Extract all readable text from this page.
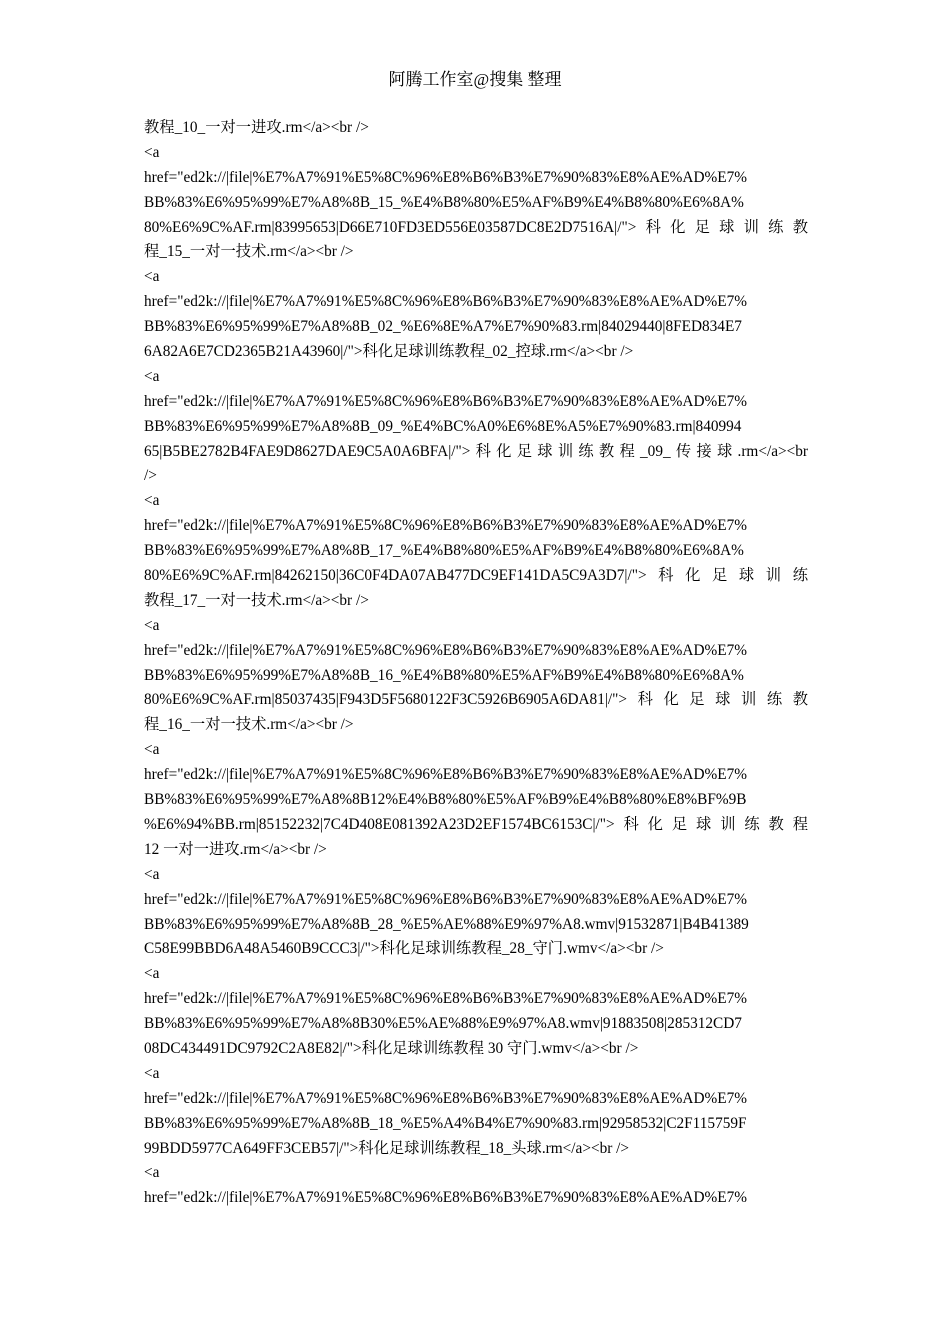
阿腾工作室@搜集 整理
教程_10_一对一进攻.rm</a><br />
<a
href="ed2k://|file|%E7%A7%91%E5%8C%96%E8%B6%B3%E7%90%83%E8%AE%AD%E7%
BB%83%E6%95%99%E7%A8%8B_15_%E4%B8%80%E5%AF%B9%E4%B8%80%E6%8A%
80%E6%9C%AF.rm|83995653|D66E710FD3ED556E03587DC8E2D7516A|/">科化足球训练教
程_15_一对一技术.rm</a><br />
<a
href="ed2k://|file|%E7%A7%91%E5%8C%96%E8%B6%B3%E7%90%83%E8%AE%AD%E7%
BB%83%E6%95%99%E7%A8%8B_02_%E6%8E%A7%E7%90%83.rm|84029440|8FED834E7
6A82A6E7CD2365B21A43960|/">科化足球训练教程_02_控球.rm</a><br />
<a
href="ed2k://|file|%E7%A7%91%E5%8C%96%E8%B6%B3%E7%90%83%E8%AE%AD%E7%
BB%83%E6%95%99%E7%A8%8B_09_%E4%BC%A0%E6%8E%A5%E7%90%83.rm|840994
65|B5BE2782B4FAE9D8627DAE9C5A0A6BFA|/">科化足球训练教程_09_传接球.rm</a><br
/>
<a
href="ed2k://|file|%E7%A7%91%E5%8C%96%E8%B6%B3%E7%90%83%E8%AE%AD%E7%
BB%83%E6%95%99%E7%A8%8B_17_%E4%B8%80%E5%AF%B9%E4%B8%80%E6%8A%
80%E6%9C%AF.rm|84262150|36C0F4DA07AB477DC9EF141DA5C9A3D7|/">科化足球训练
教程_17_一对一技术.rm</a><br />
<a
href="ed2k://|file|%E7%A7%91%E5%8C%96%E8%B6%B3%E7%90%83%E8%AE%AD%E7%
BB%83%E6%95%99%E7%A8%8B_16_%E4%B8%80%E5%AF%B9%E4%B8%80%E6%8A%
80%E6%9C%AF.rm|85037435|F943D5F5680122F3C5926B6905A6DA81|/">科化足球训练教
程_16_一对一技术.rm</a><br />
<a
href="ed2k://|file|%E7%A7%91%E5%8C%96%E8%B6%B3%E7%90%83%E8%AE%AD%E7%
BB%83%E6%95%99%E7%A8%8B12%E4%B8%80%E5%AF%B9%E4%B8%80%E8%BF%9B
%E6%94%BB.rm|85152232|7C4D408E081392A23D2EF1574BC6153C|/">科化足球训练教程
12 一对一进攻.rm</a><br />
<a
href="ed2k://|file|%E7%A7%91%E5%8C%96%E8%B6%B3%E7%90%83%E8%AE%AD%E7%
BB%83%E6%95%99%E7%A8%8B_28_%E5%AE%88%E9%97%A8.wmv|91532871|B4B41389
C58E99BBD6A48A5460B9CCC3|/">科化足球训练教程_28_守门.wmv</a><br />
<a
href="ed2k://|file|%E7%A7%91%E5%8C%96%E8%B6%B3%E7%90%83%E8%AE%AD%E7%
BB%83%E6%95%99%E7%A8%8B30%E5%AE%88%E9%97%A8.wmv|91883508|285312CD7
08DC434491DC9792C2A8E82|/">科化足球训练教程 30 守门.wmv</a><br />
<a
href="ed2k://|file|%E7%A7%91%E5%8C%96%E8%B6%B3%E7%90%83%E8%AE%AD%E7%
BB%83%E6%95%99%E7%A8%8B_18_%E5%A4%B4%E7%90%83.rm|92958532|C2F115759F
99BDD5977CA649FF3CEB57|/">科化足球训练教程_18_头球.rm</a><br />
<a
href="ed2k://|file|%E7%A7%91%E5%8C%96%E8%B6%B3%E7%90%83%E8%AE%AD%E7%
